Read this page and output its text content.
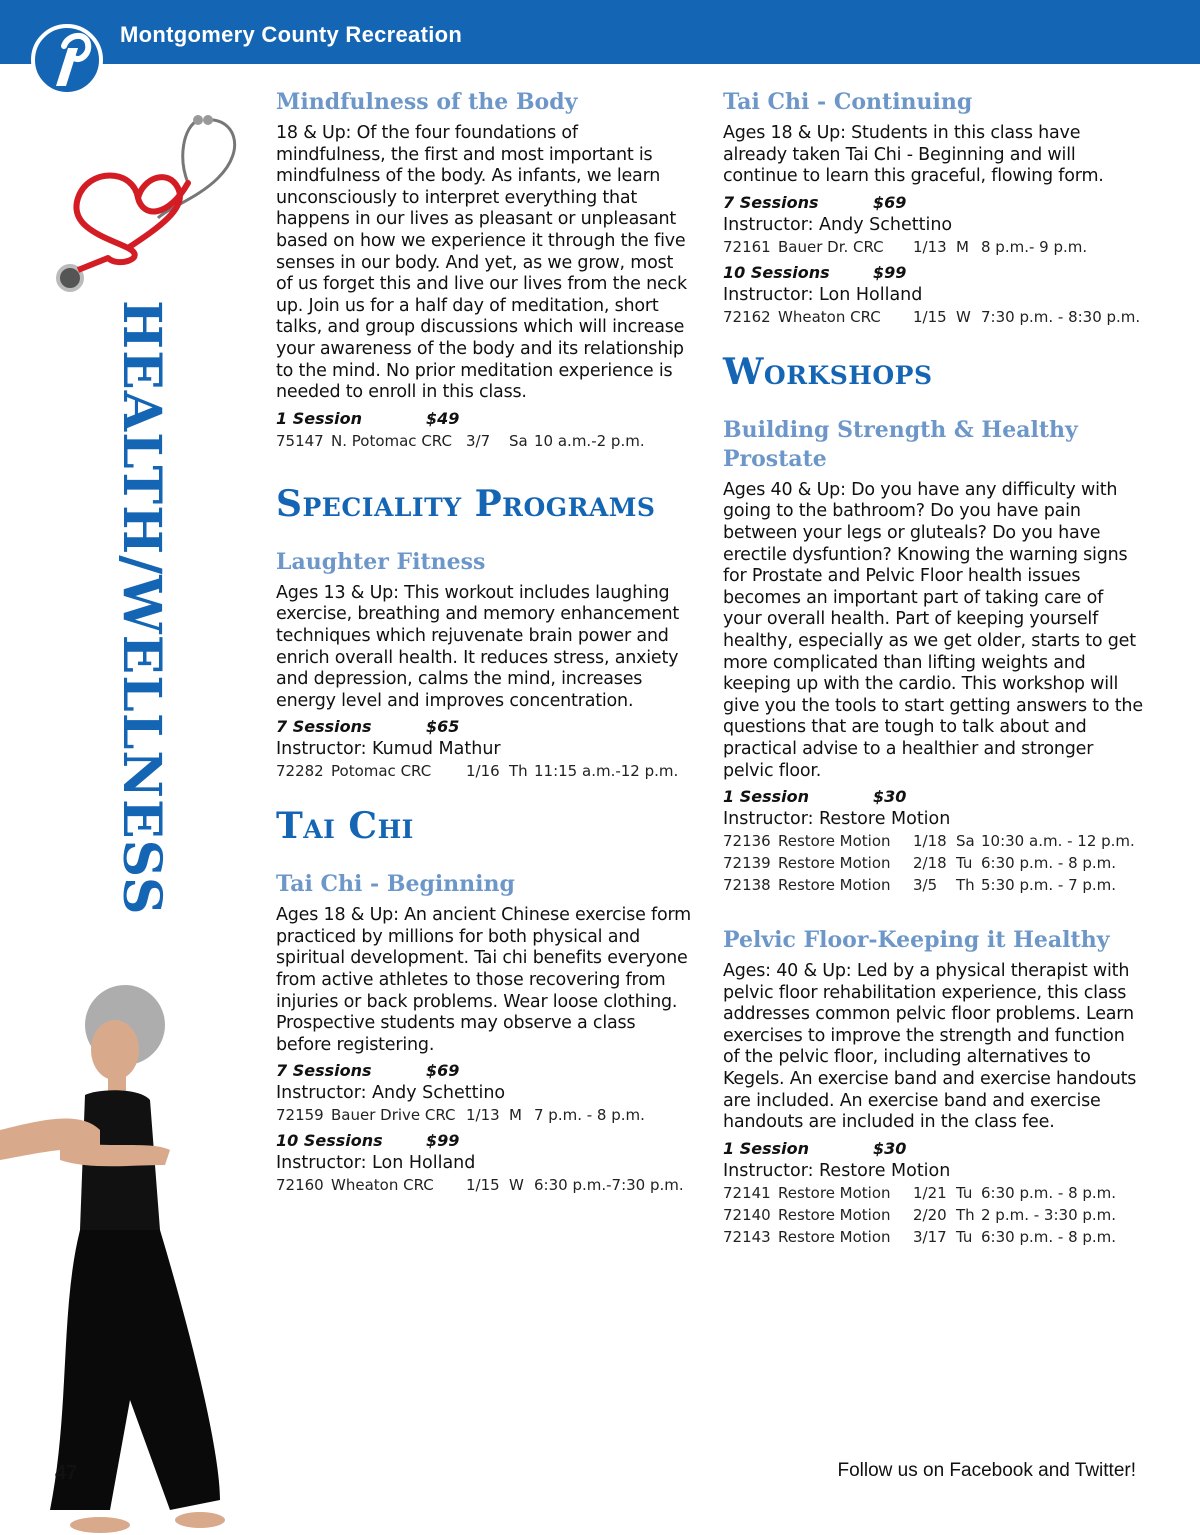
Montgomery County Recreation
HEALTH/WELLNESS
Mindfulness of the Body
18 & Up: Of the four foundations of mindfulness, the first and most important is mindfulness of the body. As infants, we learn unconsciously to interpret everything that happens in our lives as pleasant or unpleasant based on how we experience it through the five senses in our body. And yet, as we grow, most of us forget this and live our lives from the neck up. Join us for a half day of meditation, short talks, and group discussions which will increase your awareness of the body and its relationship to the mind. No prior meditation experience is needed to enroll in this class.
1 Session	$49
75147 N. Potomac CRC 3/7 Sa 10 a.m.-2 p.m.
Speciality Programs
Laughter Fitness
Ages 13 & Up: This workout includes laughing exercise, breathing and memory enhancement techniques which rejuvenate brain power and enrich overall health. It reduces stress, anxiety and depression, calms the mind, increases energy level and improves concentration.
7 Sessions	$65
Instructor: Kumud Mathur
72282 Potomac CRC 1/16 Th 11:15 a.m.-12 p.m.
Tai Chi
Tai Chi - Beginning
Ages 18 & Up: An ancient Chinese exercise form practiced by millions for both physical and spiritual development. Tai chi benefits everyone from active athletes to those recovering from injuries or back problems. Wear loose clothing. Prospective students may observe a class before registering.
7 Sessions	$69
Instructor: Andy Schettino
72159 Bauer Drive CRC 1/13 M 7 p.m. - 8 p.m.
10 Sessions	$99
Instructor: Lon Holland
72160 Wheaton CRC 1/15 W 6:30 p.m.-7:30 p.m.
Tai Chi - Continuing
Ages 18 & Up: Students in this class have already taken Tai Chi - Beginning and will continue to learn this graceful, flowing form.
7 Sessions	$69
Instructor: Andy Schettino
72161 Bauer Dr. CRC 1/13 M 8 p.m.- 9 p.m.
10 Sessions	$99
Instructor: Lon Holland
72162 Wheaton CRC 1/15 W 7:30 p.m. - 8:30 p.m.
Workshops
Building Strength & Healthy Prostate
Ages 40 & Up: Do you have any difficulty with going to the bathroom? Do you have pain between your legs or gluteals? Do you have erectile dysfuntion? Knowing the warning signs for Prostate and Pelvic Floor health issues becomes an important part of taking care of your overall health. Part of keeping yourself healthy, especially as we get older, starts to get more complicated than lifting weights and keeping up with the cardio. This workshop will give you the tools to start getting answers to the questions that are tough to talk about and practical advise to a healthier and stronger pelvic floor.
1 Session	$30
Instructor: Restore Motion
72136 Restore Motion 1/18 Sa 10:30 a.m. - 12 p.m.
72139 Restore Motion 2/18 Tu 6:30 p.m. - 8 p.m.
72138 Restore Motion 3/5 Th 5:30 p.m. - 7 p.m.
Pelvic Floor-Keeping it Healthy
Ages: 40 & Up: Led by a physical therapist with pelvic floor rehabilitation experience, this class addresses common pelvic floor problems. Learn exercises to improve the strength and function of the pelvic floor, including alternatives to Kegels. An exercise band and exercise handouts are included. An exercise band and exercise handouts are included in the class fee.
1 Session	$30
Instructor: Restore Motion
72141 Restore Motion 1/21 Tu 6:30 p.m. - 8 p.m.
72140 Restore Motion 2/20 Th 2 p.m. - 3:30 p.m.
72143 Restore Motion 3/17 Tu 6:30 p.m. - 8 p.m.
47	Follow us on Facebook and Twitter!
